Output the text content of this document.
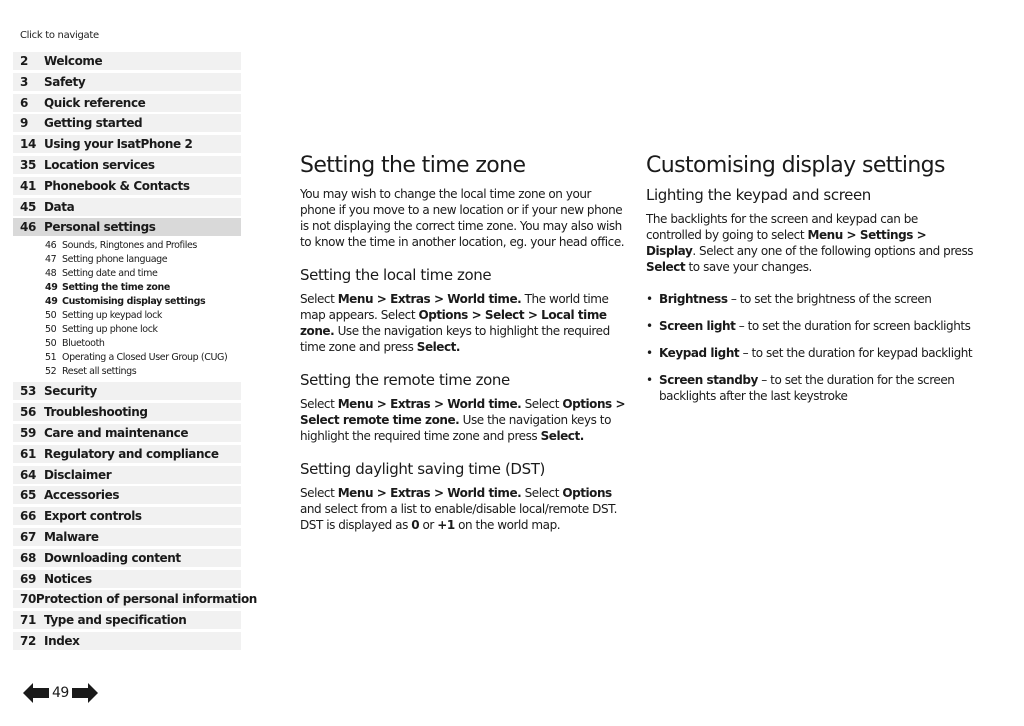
Click to navigate
2	Welcome
3	Safety
6	Quick reference
9	Getting started
14 Using your IsatPhone 2
35 Location services
41 Phonebook & Contacts
45 Data
46 Personal settings
46 Sounds, Ringtones and Profiles
47 Setting phone language
48 Setting date and time
49 Setting the time zone
49 Customising display settings
50 Setting up keypad lock
50 Setting up phone lock
50 Bluetooth
51 Operating a Closed User Group (CUG)
52 Reset all settings
53 Security
56 Troubleshooting
59 Care and maintenance
61 Regulatory and compliance
64 Disclaimer
65 Accessories
66 Export controls
67 Malware
68 Downloading content
69 Notices
70 Protection of personal information
71 Type and specification
72 Index
49
Setting the time zone

You may wish to change the local time zone on your phone if you move to a new location or if your new phone is not displaying the correct time zone. You may also wish to know the time in another location, eg. your head office.

Setting the local time zone

Select Menu > Extras > World time. The world time map appears. Select Options > Select > Local time zone. Use the navigation keys to highlight the required time zone and press Select.

Setting the remote time zone

Select Menu > Extras > World time. Select Options > Select remote time zone. Use the navigation keys to highlight the required time zone and press Select.

Setting daylight saving time (DST)

Select Menu > Extras > World time. Select Options and select from a list to enable/disable local/remote DST. DST is displayed as 0 or +1 on the world map.

Customising display settings
Lighting the keypad and screen

The backlights for the screen and keypad can be controlled by going to select Menu > Settings > Display. Select any one of the following options and press Select to save your changes.

• Brightness – to set the brightness of the screen
• Screen light – to set the duration for screen backlights
• Keypad light – to set the duration for keypad backlight
• Screen standby – to set the duration for the screen backlights after the last keystroke
